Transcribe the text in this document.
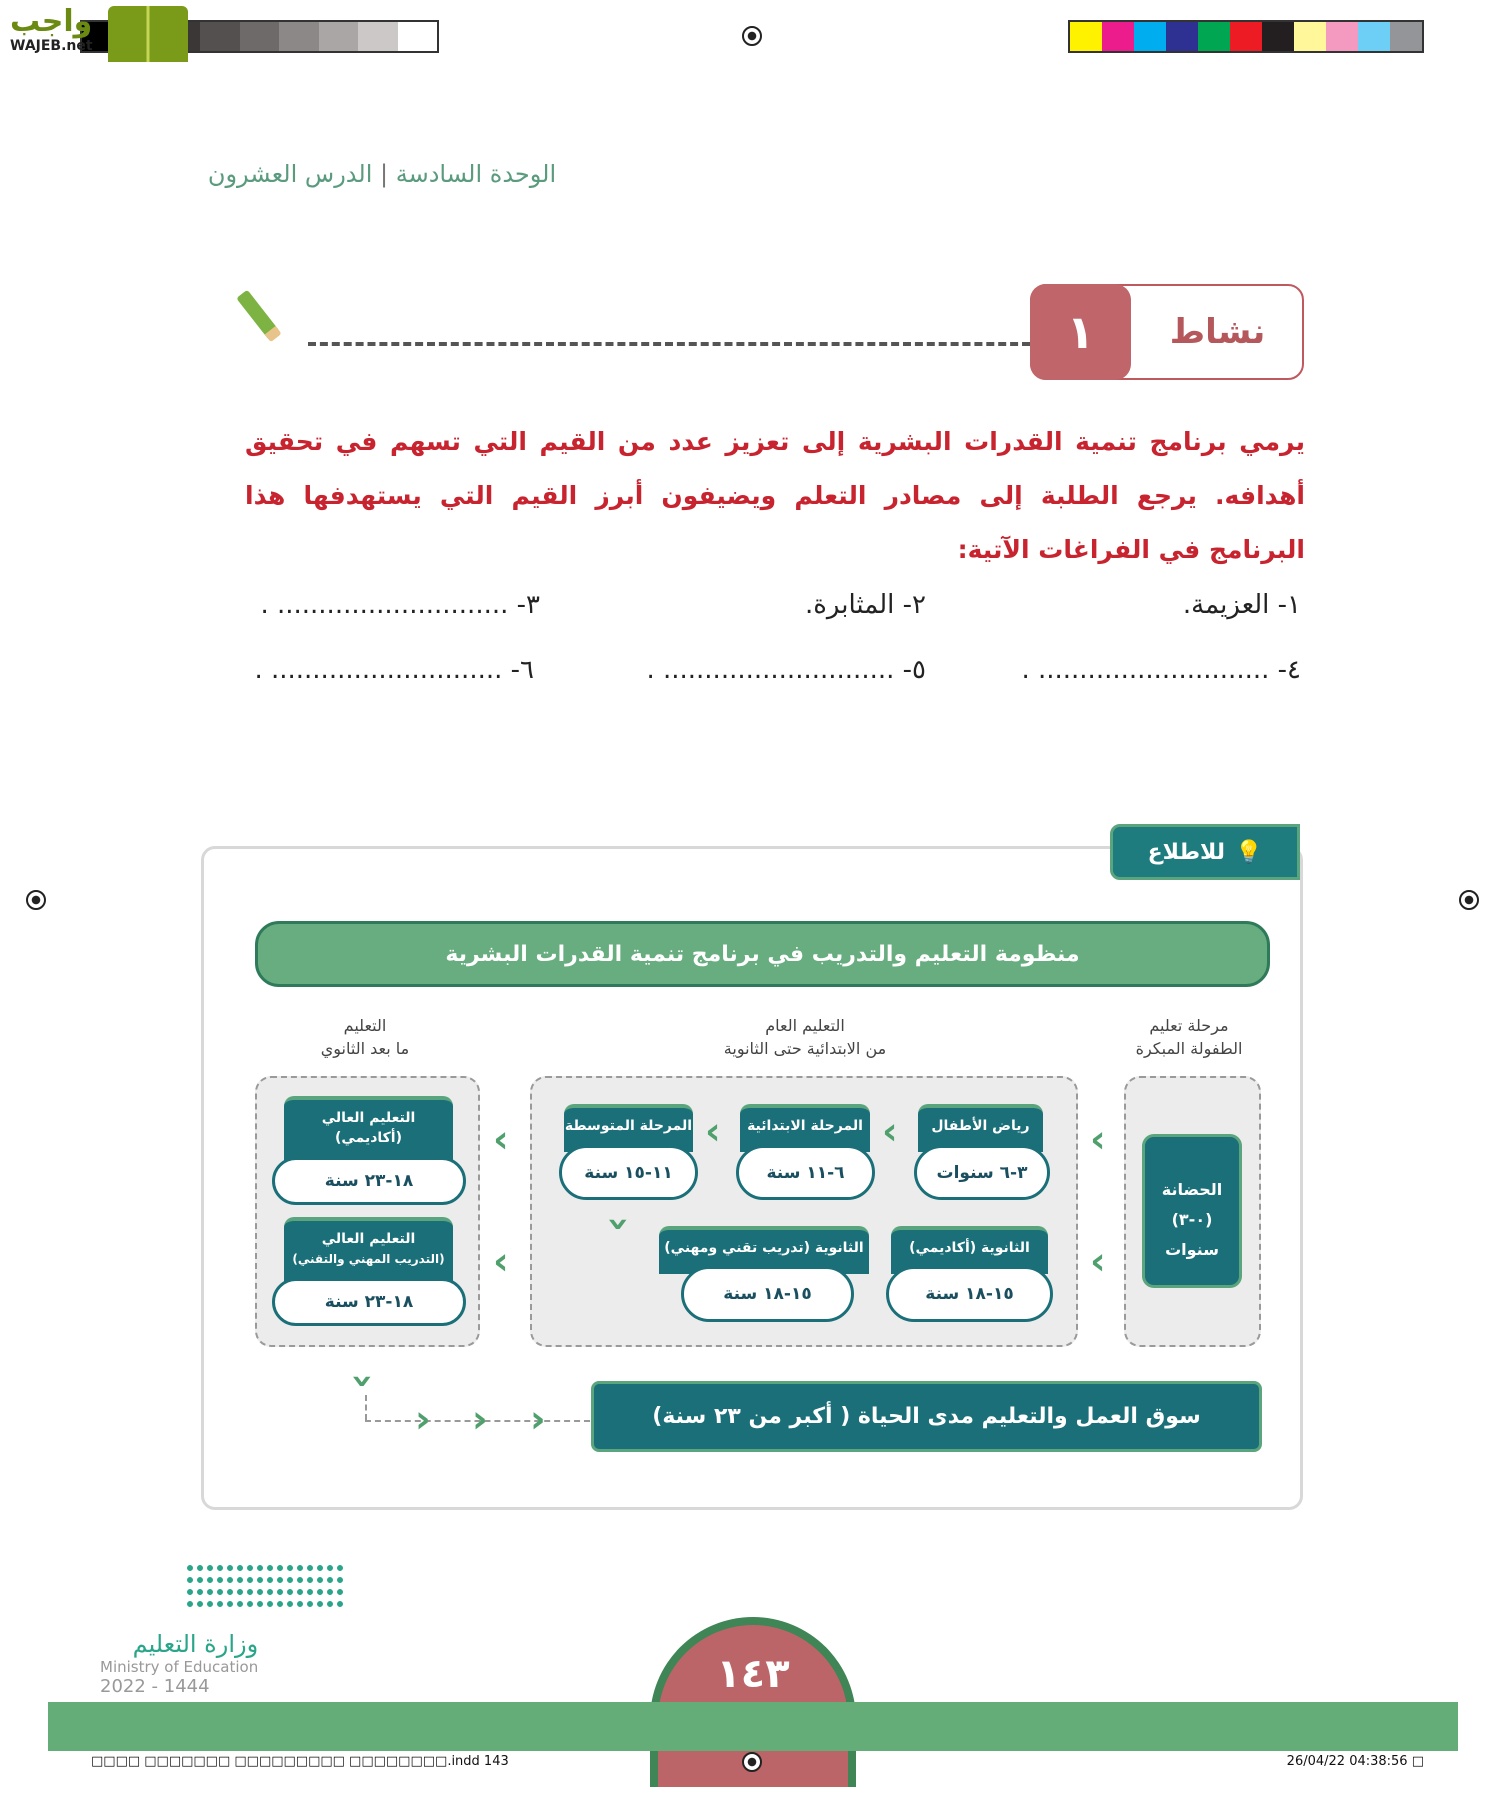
واجب
WAJEB.net
الوحدة السادسة | الدرس العشرون
١	نشاط
يرمي برنامج تنمية القدرات البشرية إلى تعزيز عدد من القيم التي تسهم في تحقيق أهدافه. يرجع الطلبة إلى مصادر التعلم ويضيفون أبرز القيم التي يستهدفها هذا البرنامج في الفراغات الآتية:
١- العزيمة.
٢- المثابرة.
٣- ............................ .
٤- ............................ .
٥- ............................ .
٦- ............................ .
💡
للاطلاع
منظومة التعليم والتدريب في برنامج تنمية القدرات البشرية
مرحلة تعليم
الطفولة المبكرة
التعليم العام
من الابتدائية حتى الثانوية
التعليم
ما بعد الثانوي
الحضانة
(٠-٣)
سنوات
رياض الأطفال
٣-٦ سنوات
المرحلة الابتدائية
٦-١١ سنة
المرحلة المتوسطة
١١-١٥ سنة
الثانوية (أكاديمي)
١٥-١٨ سنة
الثانوية (تدريب تقني ومهني)
١٥-١٨ سنة
التعليم العالي
(أكاديمي)
١٨-٢٣ سنة
التعليم العالي
(التدريب المهني والتقني)
١٨-٢٣ سنة
‹
‹
‹
‹
‹
‹
‹
‹
› › ›	سوق العمل والتعليم مدى الحياة ( أكبر من ٢٣ سنة)
وزارة التعليم
Ministry of Education
2022 - 1444	١٤٣
□□□□ □□□□□□□ □□□□□□□□□ □□□□□□□□.indd 143	26/04/22 04:38:56 □
